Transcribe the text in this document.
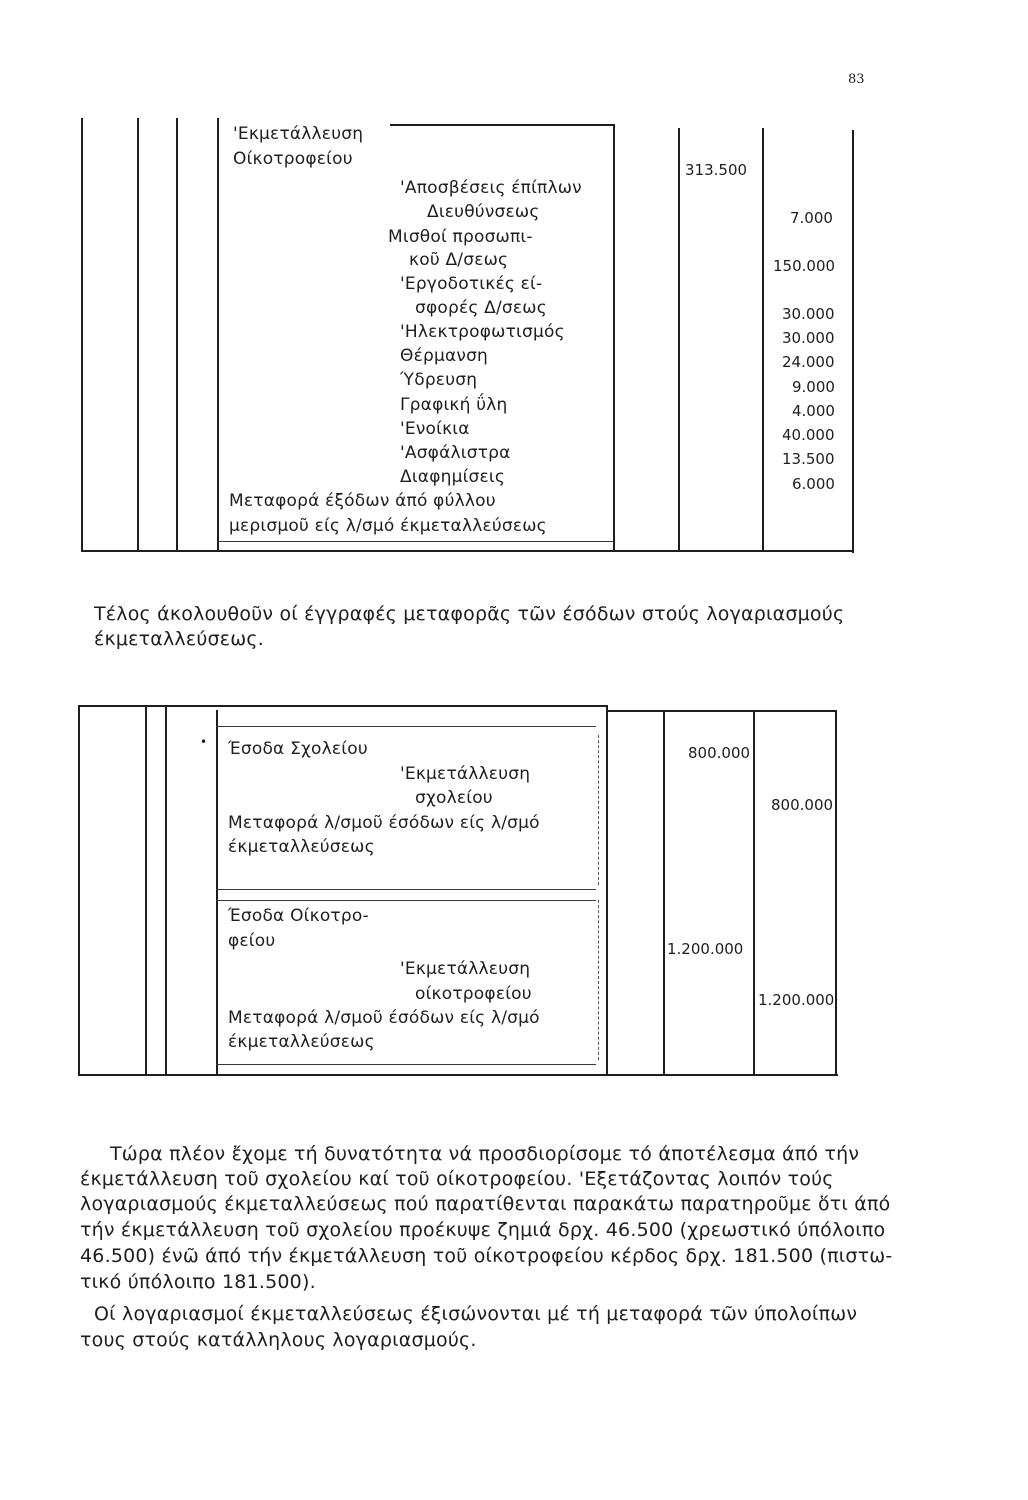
83
'Εκμετάλλευση
Οίκοτροφείου
313.500
'Αποσβέσεις έπίπλων
Διευθύνσεως
Μισθοί προσωπι-
κοῦ Δ/σεως
'Εργοδοτικές εί-
σφορές Δ/σεως
'Ηλεκτροφωτισμός
Θέρμανση
Ύδρευση
Γραφική ΰλη
'Ενοίκια
'Ασφάλιστρα
Διαφημίσεις
Μεταφορά έξόδων άπό φύλλου
μερισμοῦ είς λ/σμό έκμεταλλεύσεως
7.000
150.000
30.000
30.000
24.000
9.000
4.000
40.000
13.500
6.000
Τέλος άκολουθοῦν οί έγγραφές μεταφορᾶς τῶν έσόδων στούς λογαριασμούς
έκμεταλλεύσεως.
• Έσοδα Σχολείου
'Εκμετάλλευση
σχολείου
Μεταφορά λ/σμοῦ έσόδων είς λ/σμό
έκμεταλλεύσεως
800.000
800.000
Έσοδα Οίκοτρο-
φείου
'Εκμετάλλευση
οίκοτροφείου
Μεταφορά λ/σμοῦ έσόδων είς λ/σμό
έκμεταλλεύσεως
1.200.000
1.200.000
Τώρα πλέον ἔχομε τή δυνατότητα νά προσδιορίσομε τό άποτέλεσμα άπό τήν
έκμετάλλευση τοῦ σχολείου καί τοῦ οίκοτροφείου. 'Εξετάζοντας λοιπόν τούς
λογαριασμούς έκμεταλλεύσεως πού παρατίθενται παρακάτω παρατηροῦμε ὅτι άπό
τήν έκμετάλλευση τοῦ σχολείου προέκυψε ζημιά δρχ. 46.500 (χρεωστικό ύπόλοιπο
46.500) ένῶ άπό τήν έκμετάλλευση τοῦ οίκοτροφείου κέρδος δρχ. 181.500 (πιστω-
τικό ύπόλοιπο 181.500).
Οί λογαριασμοί έκμεταλλεύσεως έξισώνονται μέ τή μεταφορά τῶν ύπολοίπων
τους στούς κατάλληλους λογαριασμούς.
